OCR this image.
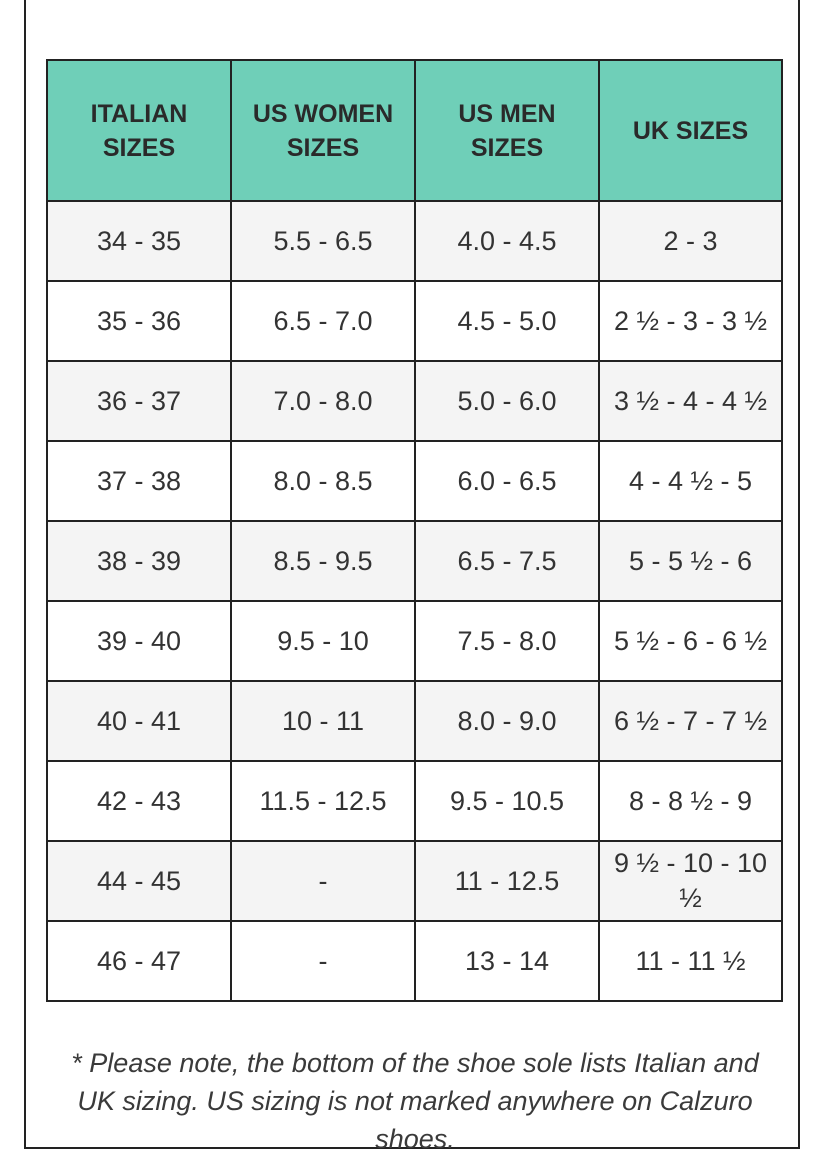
ITALIAN SIZES	US WOMEN SIZES	US MEN SIZES	UK SIZES
34 - 35	5.5 - 6.5	4.0 - 4.5	2 - 3
35 - 36	6.5 - 7.0	4.5 - 5.0	2 ½ - 3 - 3 ½
36 - 37	7.0 - 8.0	5.0 - 6.0	3 ½ - 4 - 4 ½
37 - 38	8.0 - 8.5	6.0 - 6.5	4 - 4 ½ - 5
38 - 39	8.5 - 9.5	6.5 - 7.5	5 - 5 ½ - 6
39 - 40	9.5 - 10	7.5 - 8.0	5 ½ - 6 - 6 ½
40 - 41	10 - 11	8.0 - 9.0	6 ½ - 7 - 7 ½
42 - 43	11.5 - 12.5	9.5 - 10.5	8 - 8 ½ - 9
44 - 45	-	11 - 12.5	9 ½ - 10 - 10 ½
46 - 47	-	13 - 14	11 - 11 ½

* Please note, the bottom of the shoe sole lists Italian and UK sizing. US sizing is not marked anywhere on Calzuro shoes.
